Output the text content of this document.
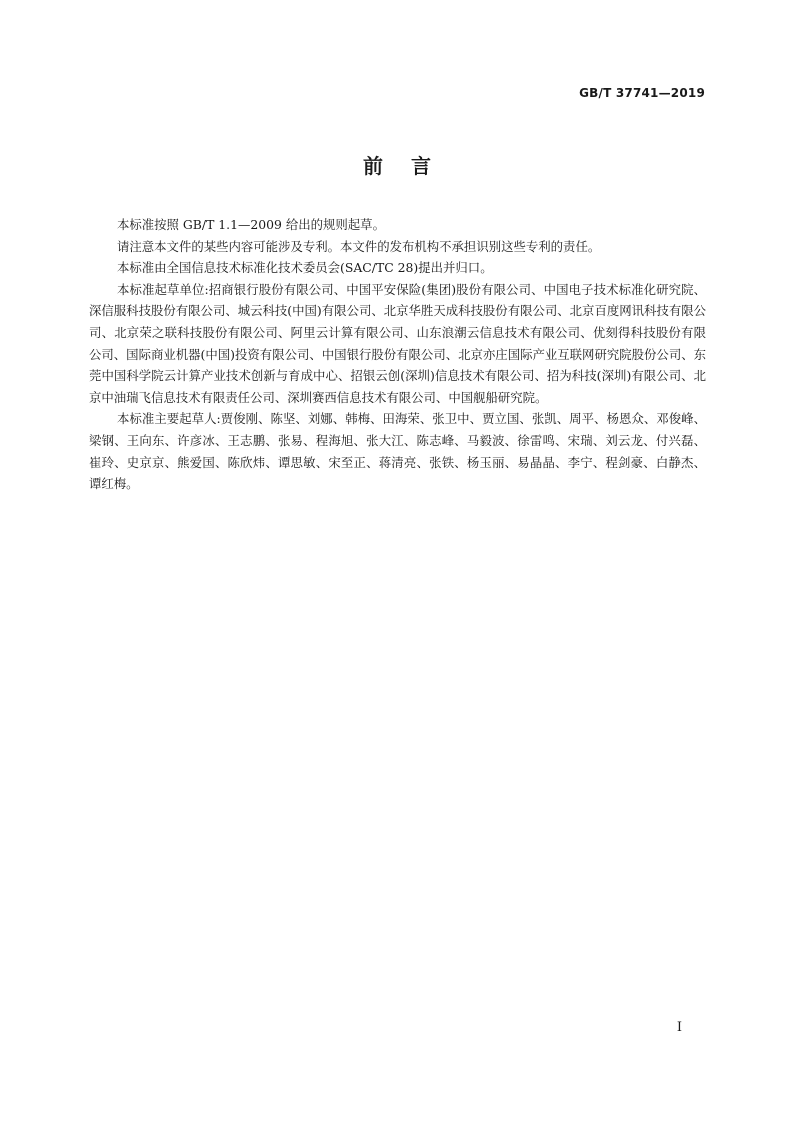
GB/T 37741—2019
前言

本标准按照 GB/T 1.1—2009 给出的规则起草。

请注意本文件的某些内容可能涉及专利。本文件的发布机构不承担识别这些专利的责任。

本标准由全国信息技术标准化技术委员会(SAC/TC 28)提出并归口。

本标准起草单位:招商银行股份有限公司、中国平安保险(集团)股份有限公司、中国电子技术标准化研究院、深信服科技股份有限公司、城云科技(中国)有限公司、北京华胜天成科技股份有限公司、北京百度网讯科技有限公司、北京荣之联科技股份有限公司、阿里云计算有限公司、山东浪潮云信息技术有限公司、优刻得科技股份有限公司、国际商业机器(中国)投资有限公司、中国银行股份有限公司、北京亦庄国际产业互联网研究院股份公司、东莞中国科学院云计算产业技术创新与育成中心、招银云创(深圳)信息技术有限公司、招为科技(深圳)有限公司、北京中油瑞飞信息技术有限责任公司、深圳赛西信息技术有限公司、中国舰船研究院。

本标准主要起草人:贾俊刚、陈坚、刘娜、韩梅、田海荣、张卫中、贾立国、张凯、周平、杨恩众、邓俊峰、梁钢、王向东、许彦冰、王志鹏、张易、程海旭、张大江、陈志峰、马毅波、徐雷鸣、宋瑞、刘云龙、付兴磊、崔玲、史京京、熊爱国、陈欣炜、谭思敏、宋至正、蒋清亮、张铁、杨玉丽、易晶晶、李宁、程剑豪、白静杰、谭红梅。

I
